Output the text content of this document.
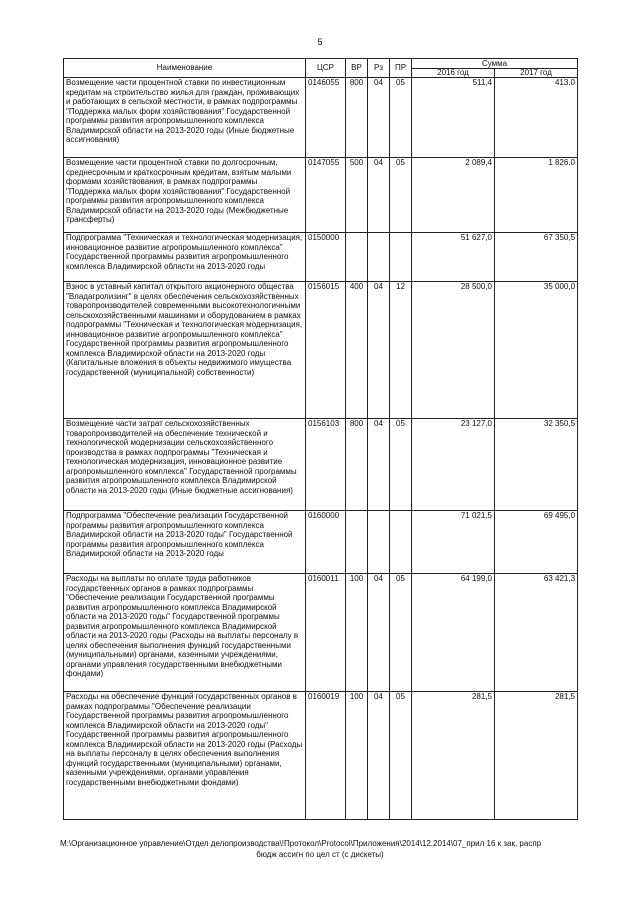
5
Наименование	ЦСР	ВР	Рз	ПР	Сумма	
					2016 год	2017 год
Возмещение части процентной ставки по инвестиционным кредитам на строительство жилья для граждан, проживающих и работающих в сельской местности, в рамках подпрограммы "Поддержка малых форм хозяйствования" Государственной программы развития агропромышленного комплекса Владимирской области на 2013-2020 годы (Иные бюджетные ассигнования)	0146055	800	04	05	511,4	413,0
Возмещение части процентной ставки по долгосрочным, среднесрочным и краткосрочным кредитам, взятым малыми формами хозяйствования, в рамках подпрограммы "Поддержка малых форм хозяйствования" Государственной программы развития агропромышленного комплекса Владимирской области на 2013-2020 годы (Межбюджетные трансферты)	0147055	500	04	05	2 089,4	1 826,0
Подпрограмма "Техническая и технологическая модернизация, инновационное развитие агропромышленного комплекса" Государственной программы развития агропромышленного комплекса Владимирской области на 2013-2020 годы	0150000				51 627,0	67 350,5
Взнос в уставный капитал открытого акционерного общества "Владагролизинг" в целях обеспечения сельскохозяйственных товаропроизводителей современными высокотехнологичными сельскохозяйственными машинами и оборудованием в рамках подпрограммы "Техническая и технологическая модернизация, инновационное развитие агропромышленного комплекса" Государственной программы развития агропромышленного комплекса Владимирской области на 2013-2020 годы (Капитальные вложения в объекты недвижимого имущества государственной (муниципальной) собственности)	0156015	400	04	12	28 500,0	35 000,0
Возмещение части затрат сельскохозяйственных товаропроизводителей на обеспечение технической и технологической модернизации сельскохозяйственного производства в рамках подпрограммы "Техническая и технологическая модернизация, инновационное развитие агропромышленного комплекса" Государственной программы развития агропромышленного комплекса Владимирской области на 2013-2020 годы (Иные бюджетные ассигнования)	0156103	800	04	05	23 127,0	32 350,5
Подпрограмма "Обеспечение реализации Государственной программы развития агропромышленного комплекса Владимирской области на 2013-2020 годы" Государственной программы развития агропромышленного комплекса Владимирской области на 2013-2020 годы	0160000				71 021,5	69 495,0
Расходы на выплаты по оплате труда работников государственных органов в рамках подпрограммы "Обеспечение реализации Государственной программы развития агропромышленного комплекса Владимирской области на 2013-2020 годы" Государственной программы развития агропромышленного комплекса Владимирской области на 2013-2020 годы (Расходы на выплаты персоналу в целях обеспечения выполнения функций государственными (муниципальными) органами, казенными учреждениями, органами управления государственными внебюджетными фондами)	0160011	100	04	05	64 199,0	63 421,3
Расходы на обеспечение функций государственных органов в рамках подпрограммы "Обеспечение реализации Государственной программы развития агропромышленного комплекса Владимирской области на 2013-2020 годы" Государственной программы развития агропромышленного комплекса Владимирской области на 2013-2020 годы (Расходы на выплаты персоналу в целях обеспечения выполнения функций государственными (муниципальными) органами, казенными учреждениями, органами управления государственными внебюджетными фондами)	0160019	100	04	05	281,5	281,5
М:\Организационное управление\Отдел делопроизводства\!Протокол\Protocol\Приложения\2014\12.2014\07_прил 16 к зак, распр
бюдж ассигн по цел ст (с дискеты)
